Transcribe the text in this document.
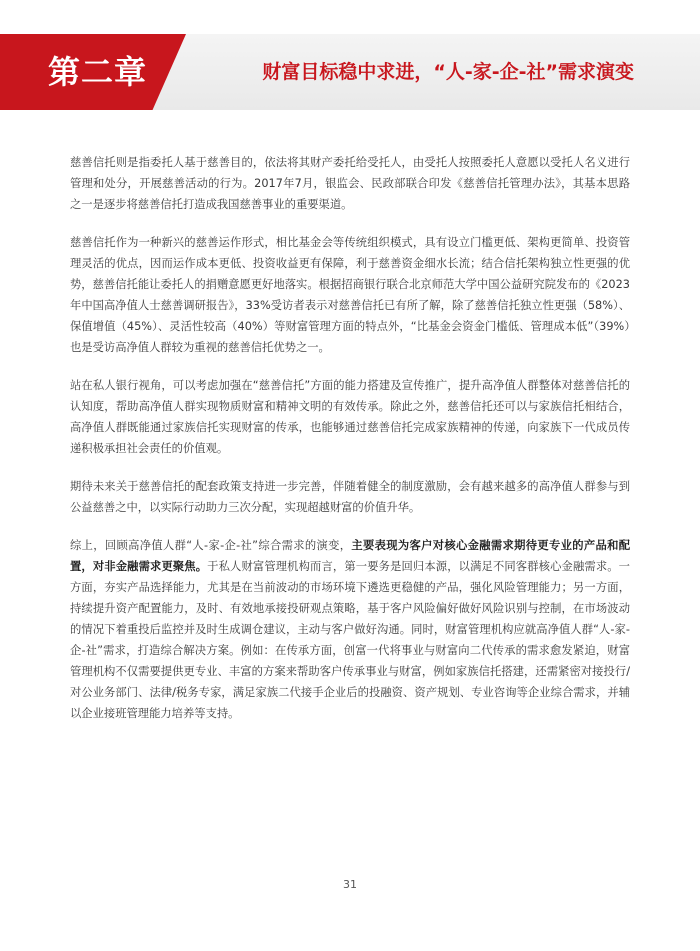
第二章	财富目标稳中求进，“人-家-企-社”需求演变

慈善信托则是指委托人基于慈善目的，依法将其财产委托给受托人，由受托人按照委托人意愿以受托人名义进行管理和处分，开展慈善活动的行为。2017年7月，银监会、民政部联合印发《慈善信托管理办法》，其基本思路之一是逐步将慈善信托打造成我国慈善事业的重要渠道。

慈善信托作为一种新兴的慈善运作形式，相比基金会等传统组织模式，具有设立门槛更低、架构更简单、投资管理灵活的优点，因而运作成本更低、投资收益更有保障，利于慈善资金细水长流；结合信托架构独立性更强的优势，慈善信托能让委托人的捐赠意愿更好地落实。根据招商银行联合北京师范大学中国公益研究院发布的《2023年中国高净值人士慈善调研报告》，33%受访者表示对慈善信托已有所了解，除了慈善信托独立性更强（58%）、保值增值（45%）、灵活性较高（40%）等财富管理方面的特点外，“比基金会资金门槛低、管理成本低”（39%）也是受访高净值人群较为重视的慈善信托优势之一。

站在私人银行视角，可以考虑加强在“慈善信托”方面的能力搭建及宣传推广，提升高净值人群整体对慈善信托的认知度，帮助高净值人群实现物质财富和精神文明的有效传承。除此之外，慈善信托还可以与家族信托相结合，高净值人群既能通过家族信托实现财富的传承，也能够通过慈善信托完成家族精神的传递，向家族下一代成员传递积极承担社会责任的价值观。

期待未来关于慈善信托的配套政策支持进一步完善，伴随着健全的制度激励，会有越来越多的高净值人群参与到公益慈善之中，以实际行动助力三次分配，实现超越财富的价值升华。

综上，回顾高净值人群“人-家-企-社”综合需求的演变，主要表现为客户对核心金融需求期待更专业的产品和配置，对非金融需求更聚焦。于私人财富管理机构而言，第一要务是回归本源，以满足不同客群核心金融需求。一方面，夯实产品选择能力，尤其是在当前波动的市场环境下遴选更稳健的产品，强化风险管理能力；另一方面，持续提升资产配置能力，及时、有效地承接投研观点策略，基于客户风险偏好做好风险识别与控制，在市场波动的情况下着重投后监控并及时生成调仓建议，主动与客户做好沟通。同时，财富管理机构应就高净值人群“人-家-企-社”需求，打造综合解决方案。例如：在传承方面，创富一代将事业与财富向二代传承的需求愈发紧迫，财富管理机构不仅需要提供更专业、丰富的方案来帮助客户传承事业与财富，例如家族信托搭建，还需紧密对接投行/对公业务部门、法律/税务专家，满足家族二代接手企业后的投融资、资产规划、专业咨询等企业综合需求，并辅以企业接班管理能力培养等支持。

31
